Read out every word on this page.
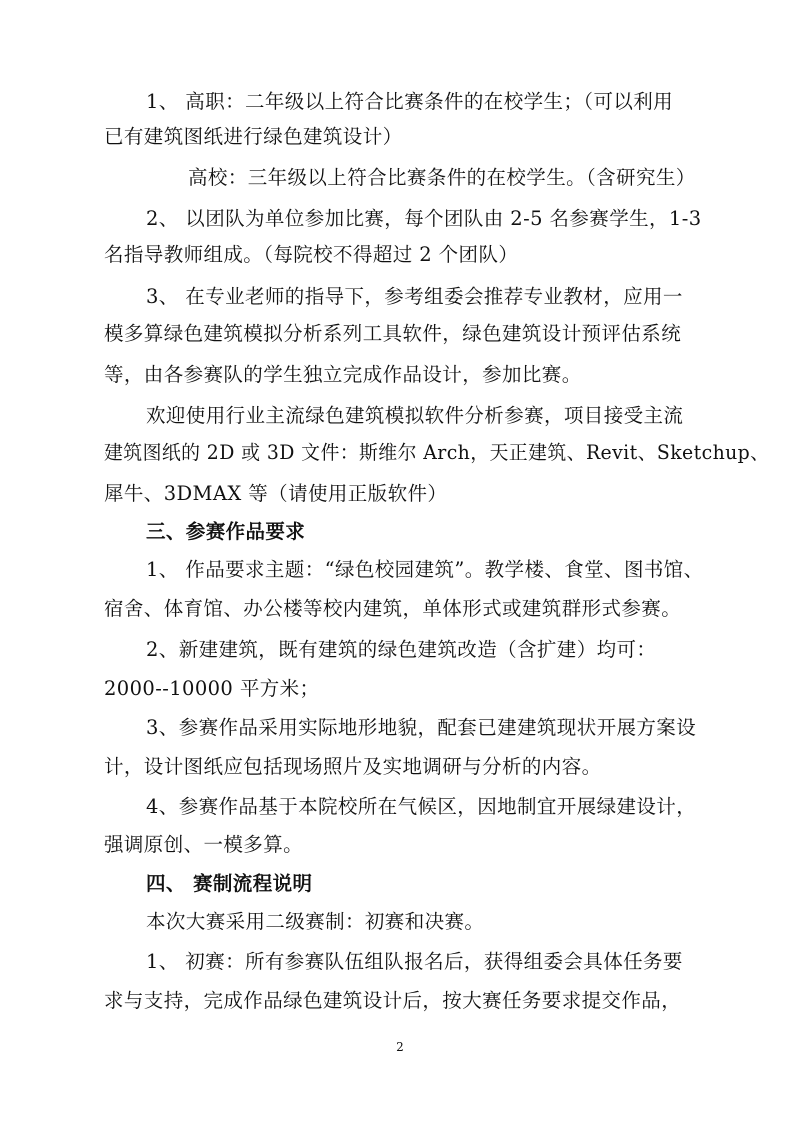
1、 高职：二年级以上符合比赛条件的在校学生；（可以利用
已有建筑图纸进行绿色建筑设计）
高校：三年级以上符合比赛条件的在校学生。（含研究生）
2、 以团队为单位参加比赛，每个团队由 2-5 名参赛学生，1-3
名指导教师组成。（每院校不得超过 2 个团队）
3、 在专业老师的指导下，参考组委会推荐专业教材，应用一
模多算绿色建筑模拟分析系列工具软件，绿色建筑设计预评估系统
等，由各参赛队的学生独立完成作品设计，参加比赛。
欢迎使用行业主流绿色建筑模拟软件分析参赛，项目接受主流
建筑图纸的 2D 或 3D 文件：斯维尔 Arch，天正建筑、Revit、Sketchup、
犀牛、3DMAX 等（请使用正版软件）
三、参赛作品要求
1、 作品要求主题：“绿色校园建筑”。教学楼、食堂、图书馆、
宿舍、体育馆、办公楼等校内建筑，单体形式或建筑群形式参赛。
2、新建建筑，既有建筑的绿色建筑改造（含扩建）均可：
2000--10000 平方米；
3、参赛作品采用实际地形地貌，配套已建建筑现状开展方案设
计，设计图纸应包括现场照片及实地调研与分析的内容。
4、参赛作品基于本院校所在气候区，因地制宜开展绿建设计，
强调原创、一模多算。
四、 赛制流程说明
本次大赛采用二级赛制：初赛和决赛。
1、 初赛：所有参赛队伍组队报名后，获得组委会具体任务要
求与支持，完成作品绿色建筑设计后，按大赛任务要求提交作品，
2
